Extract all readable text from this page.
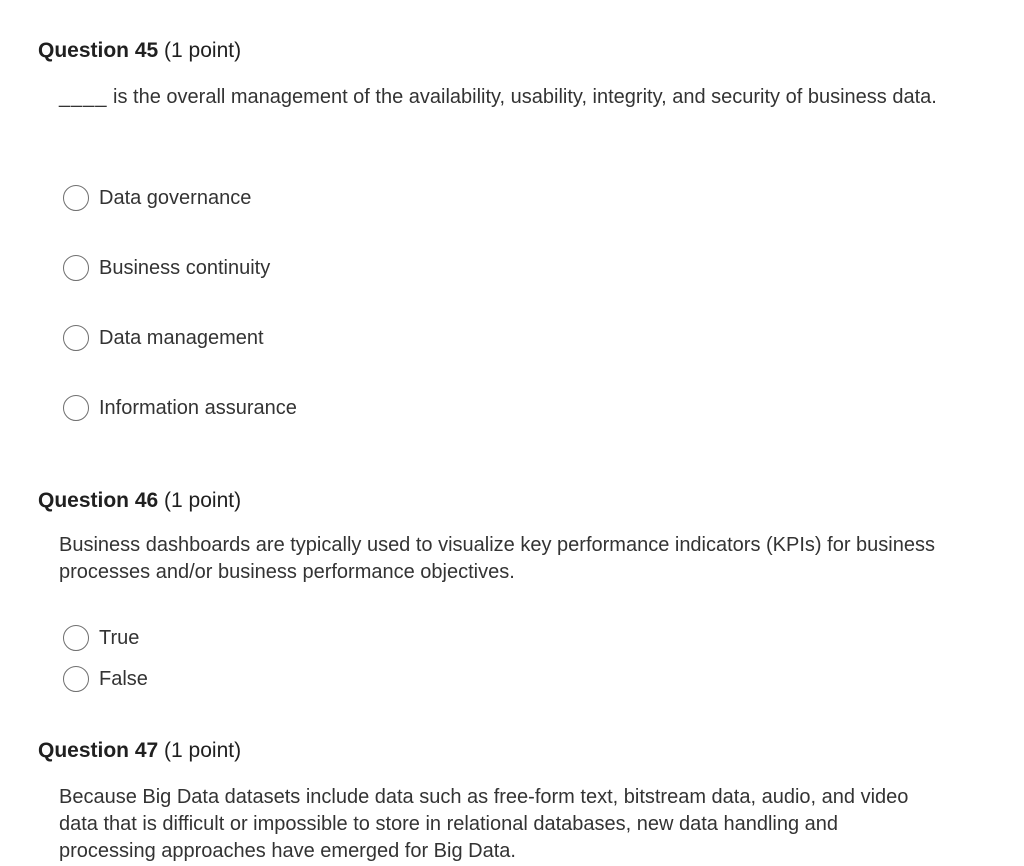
Question 45 (1 point)
____ is the overall management of the availability, usability, integrity, and security of business data.
Data governance
Business continuity
Data management
Information assurance
Question 46 (1 point)
Business dashboards are typically used to visualize key performance indicators (KPIs) for business processes and/or business performance objectives.
True
False
Question 47 (1 point)
Because Big Data datasets include data such as free-form text, bitstream data, audio, and video data that is difficult or impossible to store in relational databases, new data handling and processing approaches have emerged for Big Data.
